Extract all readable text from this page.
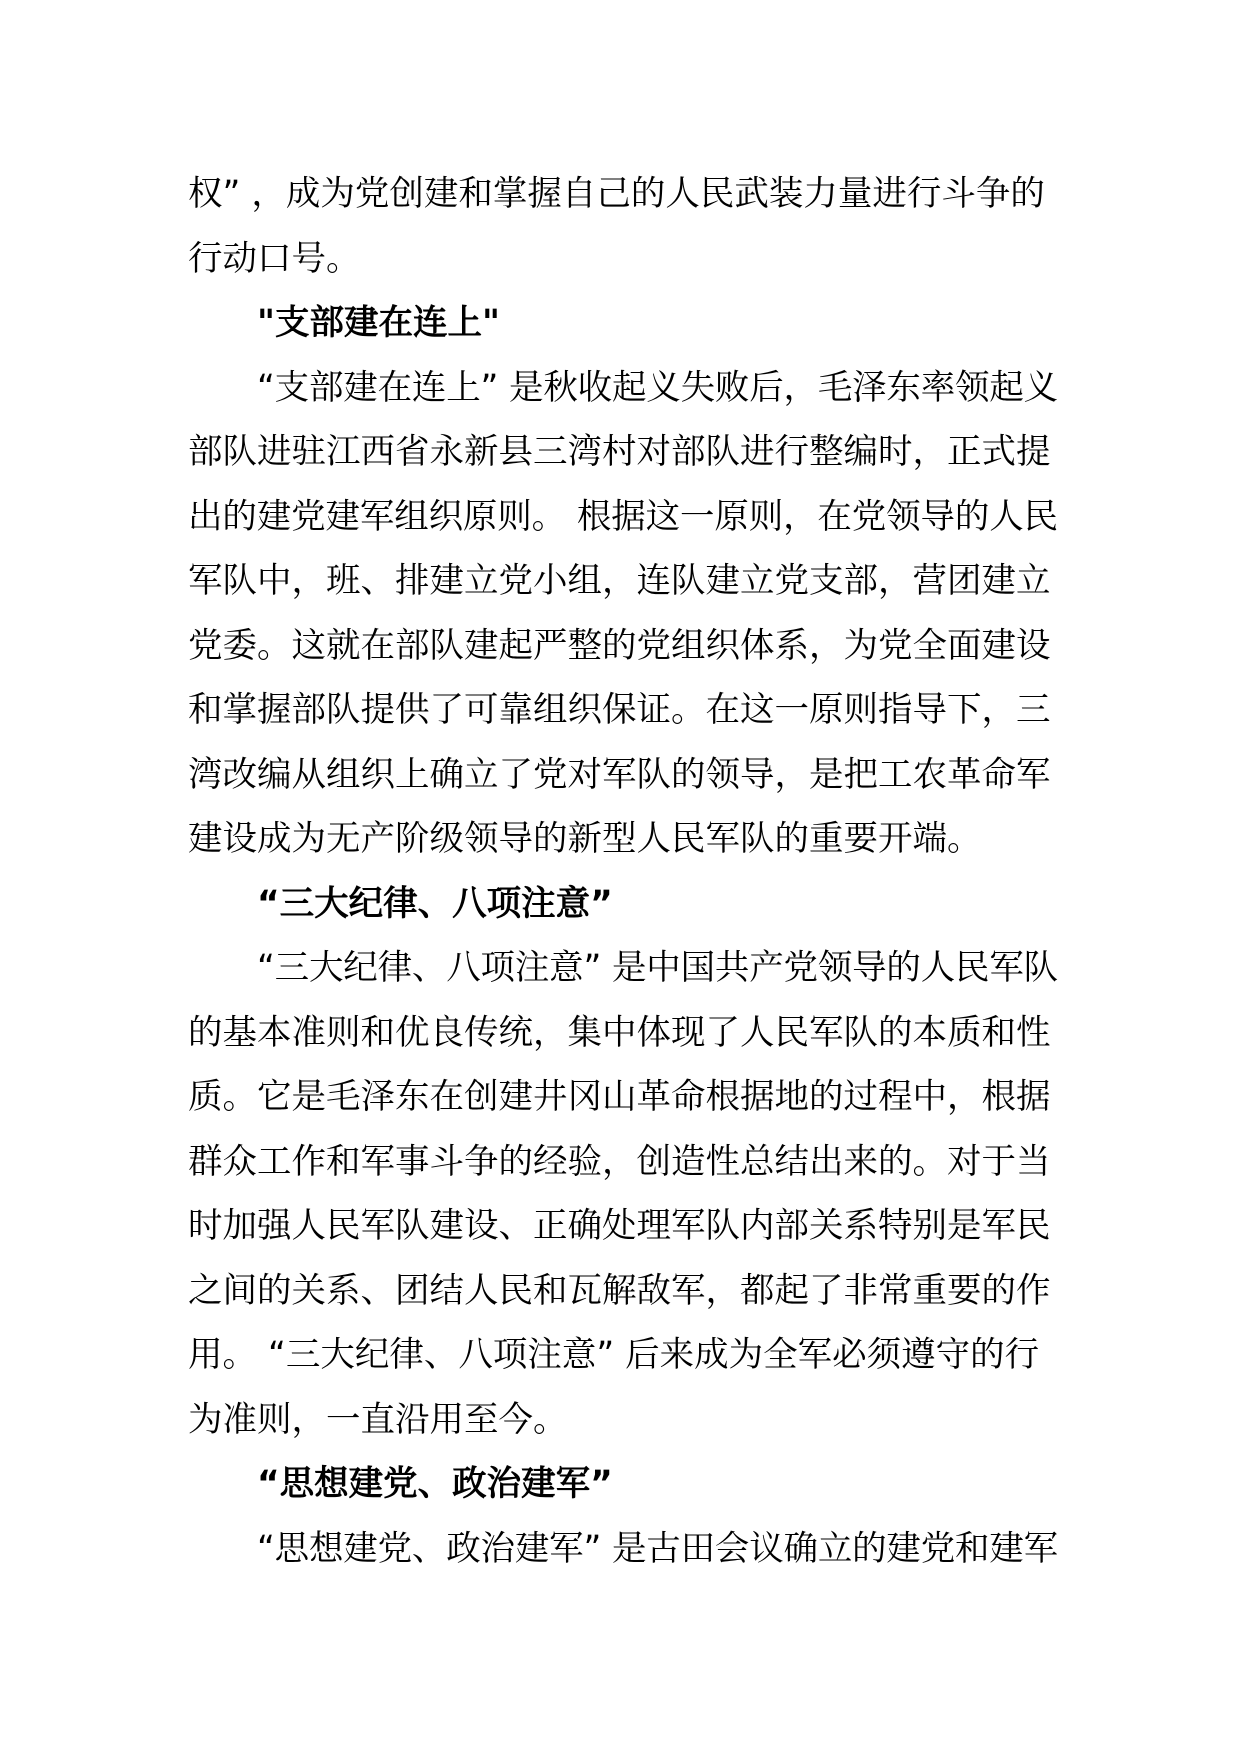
权” ，成为党创建和掌握自己的人民武装力量进行斗争的
行动口号。

"支部建在连上"

“支部建在连上” 是秋收起义失败后，毛泽东率领起义
部队进驻江西省永新县三湾村对部队进行整编时，正式提
出的建党建军组织原则。 根据这一原则，在党领导的人民
军队中，班、排建立党小组，连队建立党支部，营团建立
党委。这就在部队建起严整的党组织体系，为党全面建设
和掌握部队提供了可靠组织保证。在这一原则指导下，三
湾改编从组织上确立了党对军队的领导，是把工农革命军
建设成为无产阶级领导的新型人民军队的重要开端。

“三大纪律、八项注意”

“三大纪律、八项注意” 是中国共产党领导的人民军队
的基本准则和优良传统，集中体现了人民军队的本质和性
质。它是毛泽东在创建井冈山革命根据地的过程中，根据
群众工作和军事斗争的经验，创造性总结出来的。对于当
时加强人民军队建设、正确处理军队内部关系特别是军民
之间的关系、团结人民和瓦解敌军，都起了非常重要的作
用。 “三大纪律、八项注意” 后来成为全军必须遵守的行
为准则，一直沿用至今。

“思想建党、政治建军”

“思想建党、政治建军” 是古田会议确立的建党和建军
